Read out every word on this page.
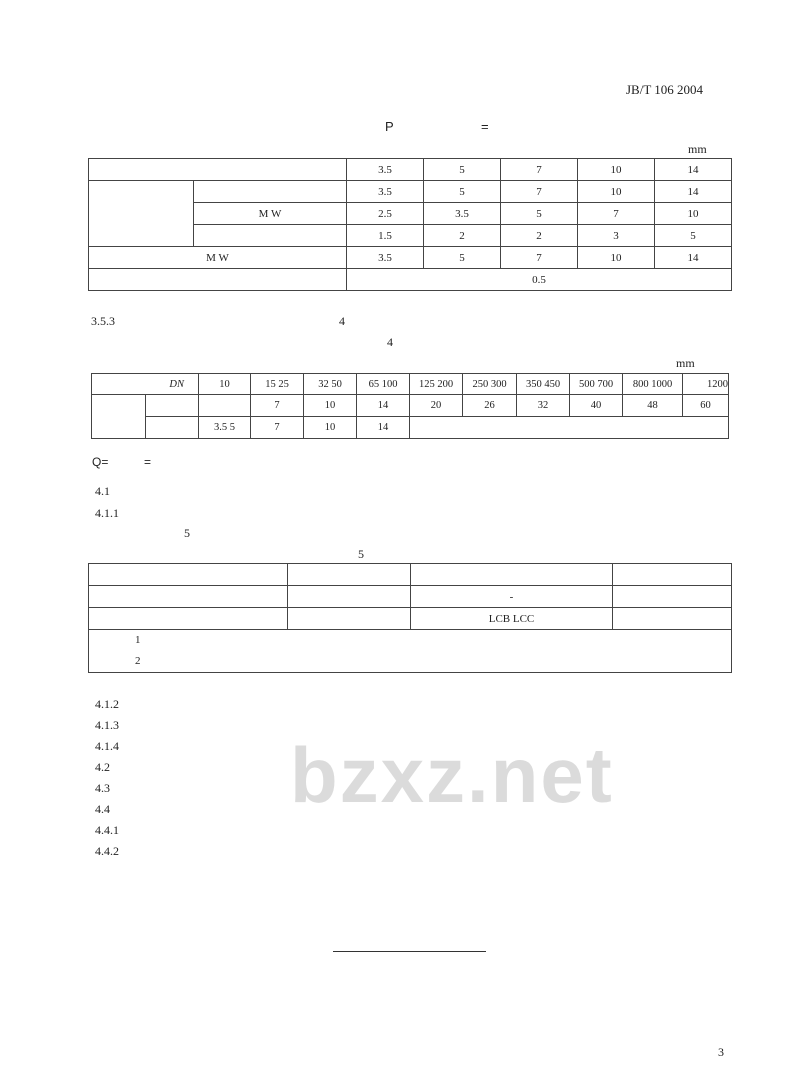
JB/T 106 2004
bzxz.net
P	=
mm
		3.5	5	7	10	14
		3.5	5	7	10	14
	M W	2.5	3.5	5	7	10
		1.5	2	2	3	5
M W		3.5	5	7	10	14
		0.5				
3.5.3	4
4
mm
DN		10	15 25	32 50	65 100	125 200	250 300	350 450	500 700	800 1000	1200
			7	10	14	20	26	32	40	48	60
		3.5 5	7	10	14						
Q=	=
4.1
4.1.1
5
5

		-	
		LCB LCC	

1
2			
4.1.2
4.1.3
4.1.4
4.2
4.3
4.4
4.4.1
4.4.2
3
